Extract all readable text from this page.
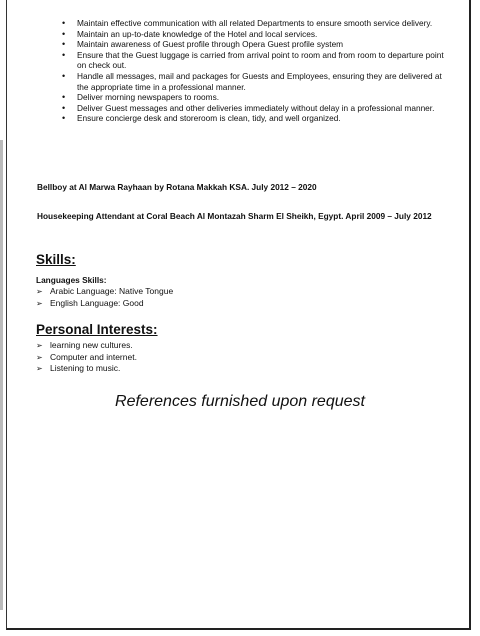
• Maintain effective communication with all related Departments to ensure smooth service delivery.
• Maintain an up-to-date knowledge of the Hotel and local services.
• Maintain awareness of Guest profile through Opera Guest profile system
• Ensure that the Guest luggage is carried from arrival point to room and from room to departure point on check out.
• Handle all messages, mail and packages for Guests and Employees, ensuring they are delivered at the appropriate time in a professional manner.
• Deliver morning newspapers to rooms.
• Deliver Guest messages and other deliveries immediately without delay in a professional manner.
• Ensure concierge desk and storeroom is clean, tidy, and well organized.
Bellboy at Al Marwa Rayhaan by Rotana Makkah KSA. July 2012 – 2020
Housekeeping Attendant at Coral Beach Al Montazah Sharm El Sheikh, Egypt. April 2009 – July 2012
Skills:
Languages Skills:
➢ Arabic Language: Native Tongue
➢ English Language: Good
Personal Interests:
➢ learning new cultures.
➢ Computer and internet.
➢ Listening to music.
References furnished upon request
